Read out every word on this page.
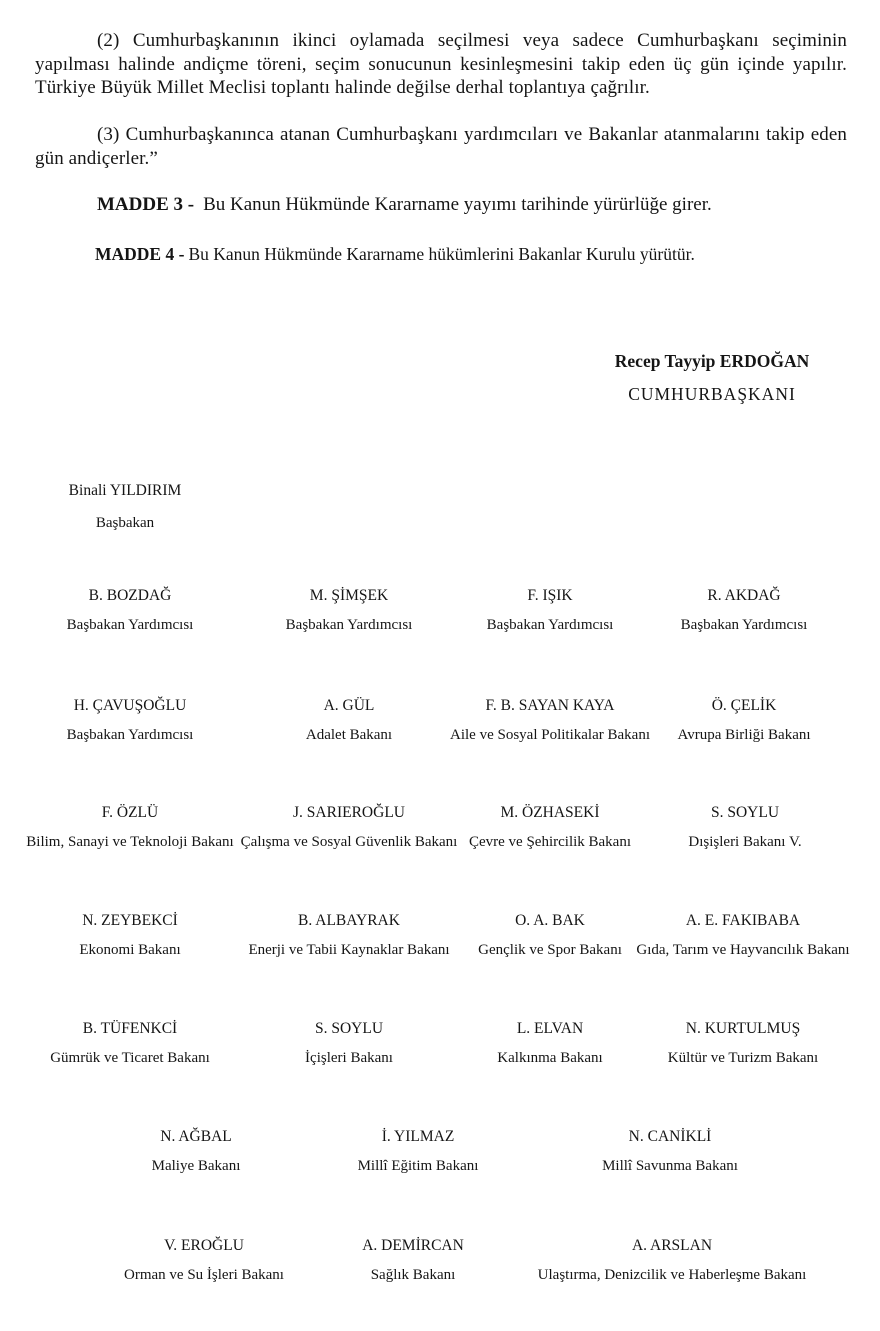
(2) Cumhurbaşkanının ikinci oylamada seçilmesi veya sadece Cumhurbaşkanı seçiminin yapılması halinde andiçme töreni, seçim sonucunun kesinleşmesini takip eden üç gün içinde yapılır. Türkiye Büyük Millet Meclisi toplantı halinde değilse derhal toplantıya çağrılır.

(3) Cumhurbaşkanınca atanan Cumhurbaşkanı yardımcıları ve Bakanlar atanmalarını takip eden gün andiçerler.”

MADDE 3 - Bu Kanun Hükmünde Kararname yayımı tarihinde yürürlüğe girer.

MADDE 4 - Bu Kanun Hükmünde Kararname hükümlerini Bakanlar Kurulu yürütür.

Recep Tayyip ERDOĞAN
CUMHURBAŞKANI
Binali YILDIRIM
Başbakan
B. BOZDAĞ
Başbakan Yardımcısı
M. ŞİMŞEK
Başbakan Yardımcısı
F. IŞIK
Başbakan Yardımcısı
R. AKDAĞ
Başbakan Yardımcısı
H. ÇAVUŞOĞLU
Başbakan Yardımcısı
A. GÜL
Adalet Bakanı
F. B. SAYAN KAYA
Aile ve Sosyal Politikalar Bakanı
Ö. ÇELİK
Avrupa Birliği Bakanı
F. ÖZLÜ
Bilim, Sanayi ve Teknoloji Bakanı
J. SARIEROĞLU
Çalışma ve Sosyal Güvenlik Bakanı
M. ÖZHASEKİ
Çevre ve Şehircilik Bakanı
S. SOYLU
Dışişleri Bakanı V.
N. ZEYBEKCİ
Ekonomi Bakanı
B. ALBAYRAK
Enerji ve Tabii Kaynaklar Bakanı
O. A. BAK
Gençlik ve Spor Bakanı
A. E. FAKIBABA
Gıda, Tarım ve Hayvancılık Bakanı
B. TÜFENKCİ
Gümrük ve Ticaret Bakanı
S. SOYLU
İçişleri Bakanı
L. ELVAN
Kalkınma Bakanı
N. KURTULMUŞ
Kültür ve Turizm Bakanı
N. AĞBAL
Maliye Bakanı
İ. YILMAZ
Millî Eğitim Bakanı
N. CANİKLİ
Millî Savunma Bakanı
V. EROĞLU
Orman ve Su İşleri Bakanı
A. DEMİRCAN
Sağlık Bakanı
A. ARSLAN
Ulaştırma, Denizcilik ve Haberleşme Bakanı
